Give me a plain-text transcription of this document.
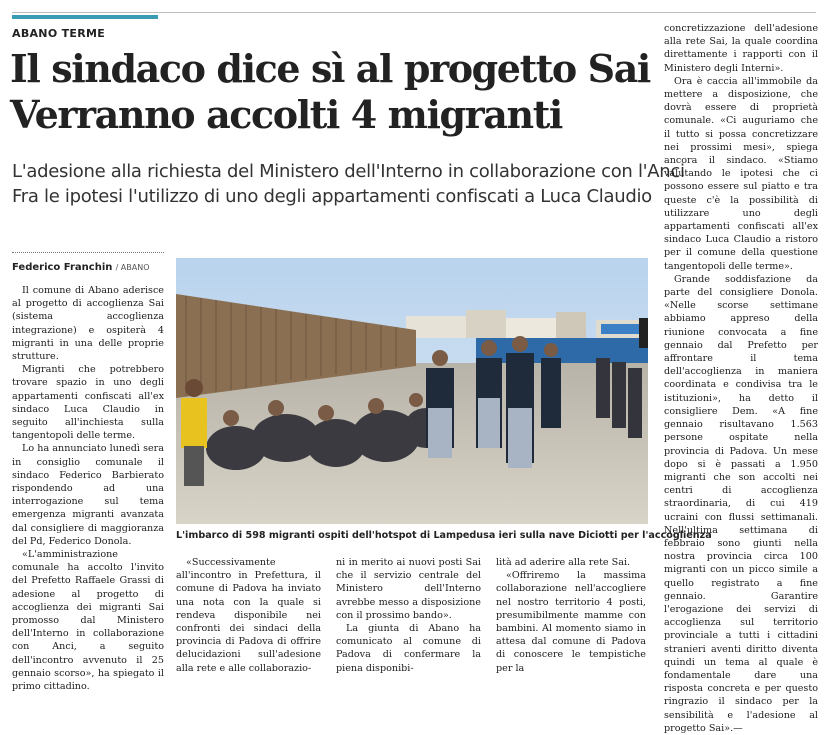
ABANO TERME
Il sindaco dice sì al progetto Sai
Verranno accolti 4 migranti
L'adesione alla richiesta del Ministero dell'Interno in collaborazione con l'Anci
Fra le ipotesi l'utilizzo di uno degli appartamenti confiscati a Luca Claudio
Federico Franchin / ABANO

Il comune di Abano aderisce al progetto di accoglienza Sai (sistema accoglienza integrazione) e ospiterà 4 migranti in una delle proprie strutture.

Migranti che potrebbero trovare spazio in uno degli appartamenti confiscati all'ex sindaco Luca Claudio in seguito all'inchiesta sulla tangentopoli delle terme.

Lo ha annunciato lunedì sera in consiglio comunale il sindaco Federico Barbierato rispondendo ad una interrogazione sul tema emergenza migranti avanzata dal consigliere di maggioranza del Pd, Federico Donola.

«L'amministrazione comunale ha accolto l'invito del Prefetto Raffaele Grassi di adesione al progetto di accoglienza dei migranti Sai promosso dal Ministero dell'Interno in collaborazione con Anci, a seguito dell'incontro avvenuto il 25 gennaio scorso», ha spiegato il primo cittadino.

L'imbarco di 598 migranti ospiti dell'hotspot di Lampedusa ieri sulla nave Diciotti per l'accoglienza

«Successivamente all'incontro in Prefettura, il comune di Padova ha inviato una nota con la quale si rendeva disponibile nei confronti dei sindaci della provincia di Padova di offrire delucidazioni sull'adesione alla rete e alle collaborazio-

ni in merito ai nuovi posti Sai che il servizio centrale del Ministero dell'Interno avrebbe messo a disposizione con il prossimo bando».

La giunta di Abano ha comunicato al comune di Padova di confermare la piena disponibi-

lità ad aderire alla rete Sai.

«Offriremo la massima collaborazione nell'accogliere nel nostro territorio 4 posti, presumibilmente mamme con bambini. Al momento siamo in attesa dal comune di Padova di conoscere le tempistiche per la

concretizzazione dell'adesione alla rete Sai, la quale coordina direttamente i rapporti con il Ministero degli Interni».

Ora è caccia all'immobile da mettere a disposizione, che dovrà essere di proprietà comunale. «Ci auguriamo che il tutto si possa concretizzare nei prossimi mesi», spiega ancora il sindaco. «Stiamo valutando le ipotesi che ci possono essere sul piatto e tra queste c'è la possibilità di utilizzare uno degli appartamenti confiscati all'ex sindaco Luca Claudio a ristoro per il comune della questione tangentopoli delle terme».

Grande soddisfazione da parte del consigliere Donola. «Nelle scorse settimane abbiamo appreso della riunione convocata a fine gennaio dal Prefetto per affrontare il tema dell'accoglienza in maniera coordinata e condivisa tra le istituzioni», ha detto il consigliere Dem. «A fine gennaio risultavano 1.563 persone ospitate nella provincia di Padova. Un mese dopo si è passati a 1.950 migranti che son accolti nei centri di accoglienza straordinaria, di cui 419 ucraini con flussi settimanali. Nell'ultima settimana di febbraio sono giunti nella nostra provincia circa 100 migranti con un picco simile a quello registrato a fine gennaio. Garantire l'erogazione dei servizi di accoglienza sul territorio provinciale a tutti i cittadini stranieri aventi diritto diventa quindi un tema al quale è fondamentale dare una risposta concreta e per questo ringrazio il sindaco per la sensibilità e l'adesione al progetto Sai».—
